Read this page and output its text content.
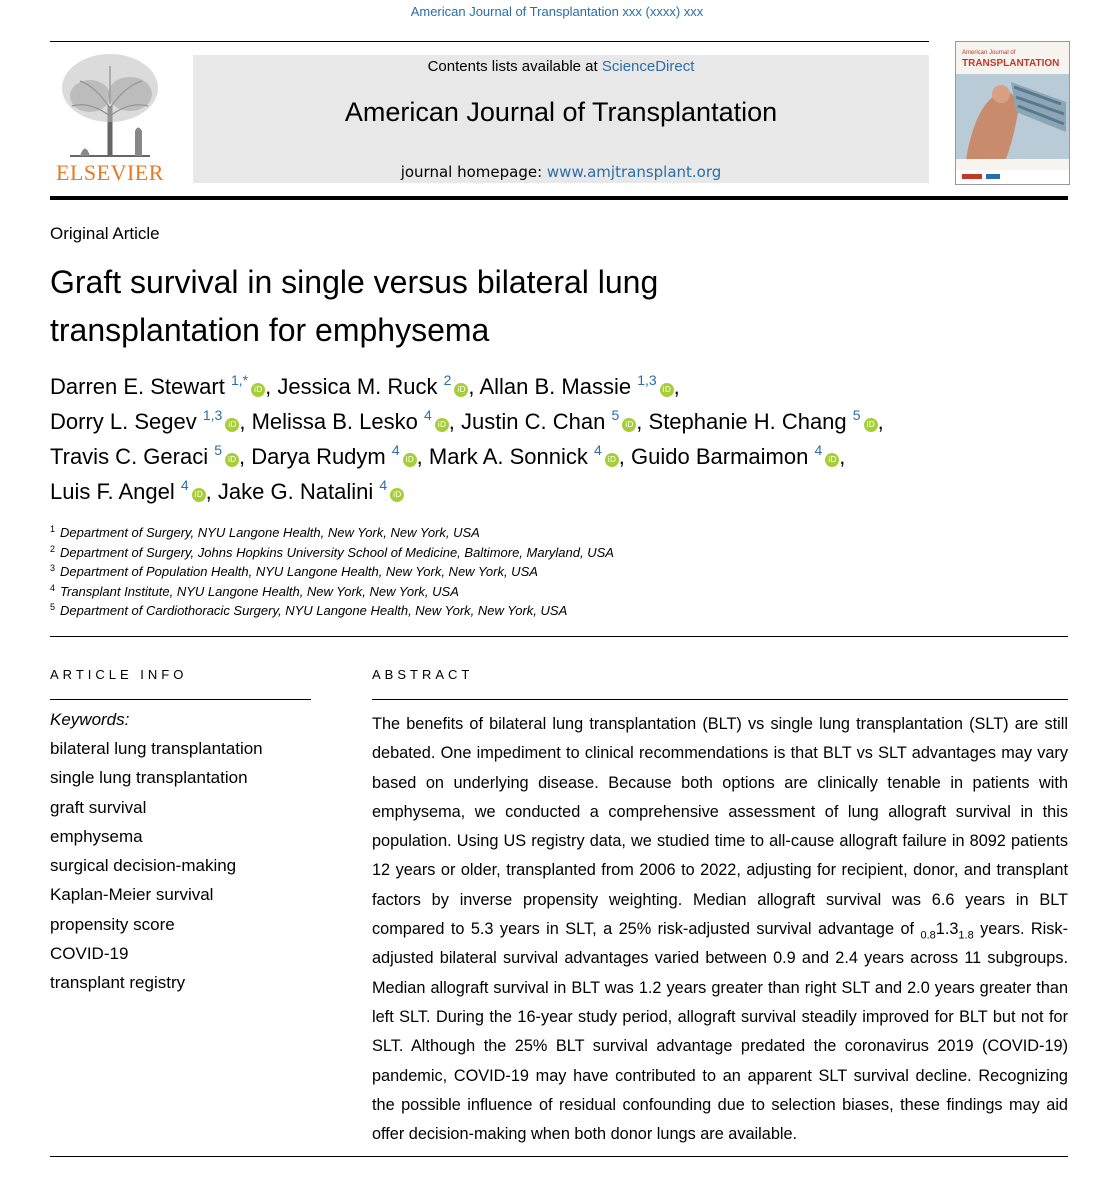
American Journal of Transplantation xxx (xxxx) xxx
ELSEVIER
Contents lists available at ScienceDirect
American Journal of Transplantation
journal homepage: www.amjtransplant.org
American Journal of
TRANSPLANTATION
Original Article
Graft survival in single versus bilateral lung
transplantation for emphysema
Darren E. Stewart $^{1,*}$iD , Jessica M. Ruck $^2$iD , Allan B. Massie $^{1,3}$iD ,
Dorry L. Segev $^{1,3}$iD , Melissa B. Lesko $^4$iD , Justin C. Chan $^5$iD , Stephanie H. Chang $^5$iD ,
Travis C. Geraci $^5$iD , Darya Rudym $^4$iD , Mark A. Sonnick $^4$iD , Guido Barmaimon $^4$iD ,
Luis F. Angel $^4$iD , Jake G. Natalini $^4$iD
$^1$ Department of Surgery, NYU Langone Health, New York, New York, USA
$^2$ Department of Surgery, Johns Hopkins University School of Medicine, Baltimore, Maryland, USA
$^3$ Department of Population Health, NYU Langone Health, New York, New York, USA
$^4$ Transplant Institute, NYU Langone Health, New York, New York, USA
$^5$ Department of Cardiothoracic Surgery, NYU Langone Health, New York, New York, USA
ARTICLE INFO	ABSTRACT
Keywords:
bilateral lung transplantation
single lung transplantation
graft survival
emphysema
surgical decision-making
Kaplan-Meier survival
propensity score
COVID-19
transplant registry

The benefits of bilateral lung transplantation (BLT) vs single lung transplantation (SLT) are still debated. One impediment to clinical recommendations is that BLT vs SLT advantages may vary based on underlying disease. Because both options are clinically tenable in patients with emphysema, we conducted a comprehensive assessment of lung allograft survival in this population. Using US registry data, we studied time to all-cause allograft failure in 8092 patients 12 years or older, transplanted from 2006 to 2022, adjusting for recipient, donor, and transplant factors by inverse propensity weighting. Median allograft survival was 6.6 years in BLT compared to 5.3 years in SLT, a 25% risk-adjusted survival advantage of $_{0.8}1.3_{1.8}$ years. Risk-adjusted bilateral survival advantages varied between 0.9 and 2.4 years across 11 subgroups. Median allograft survival in BLT was 1.2 years greater than right SLT and 2.0 years greater than left SLT. During the 16-year study period, allograft survival steadily improved for BLT but not for SLT. Although the 25% BLT survival advantage predated the coronavirus 2019 (COVID-19) pandemic, COVID-19 may have contributed to an apparent SLT survival decline. Recognizing the possible influence of residual confounding due to selection biases, these findings may aid offer decision-making when both donor lungs are available.
